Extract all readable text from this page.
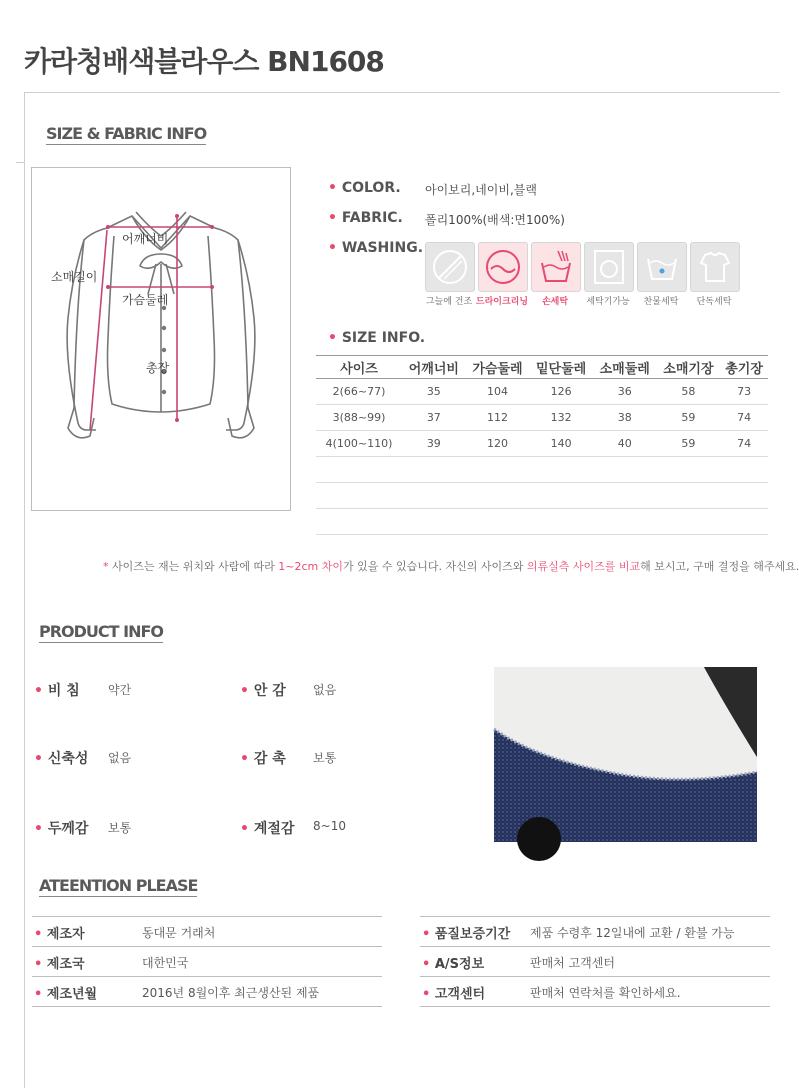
카라청배색블라우스 BN1608
SIZE & FABRIC INFO
어깨너비
소매길이
가슴둘레
총장
• COLOR. 아이보리,네이비,블랙
• FABRIC. 폴리100%(배색:면100%)
• WASHING.
그늘에 건조 드라이크리닝	손세탁	세탁기가능	찬물세탁	단독세탁
• SIZE INFO.
사이즈	어깨너비	가슴둘레	밑단둘레	소매둘레	소매기장	총기장
2(66~77)	35	104	126	36	58	73
3(88~99)	37	112	132	38	59	74
4(100~110)	39	120	140	40	59	74

* 사이즈는 재는 위치와 사람에 따라 1~2cm 차이가 있을 수 있습니다. 자신의 사이즈와 의류실측 사이즈를 비교해 보시고, 구매 결정을 해주세요.
PRODUCT INFO
• 비 침 약간	• 안 감 없음
• 신축성 없음	• 감 촉 보통
• 두께감 보통	• 계절감 8~10
ATEENTION PLEASE
• 제조자	동대문 거래처
• 제조국	대한민국
• 제조년월	2016년 8월이후 최근생산된 제품
• 품질보증기간 제품 수령후 12일내에 교환 / 환불 가능
• A/S정보	판매처 고객센터
• 고객센터	판매처 연락처를 확인하세요.
